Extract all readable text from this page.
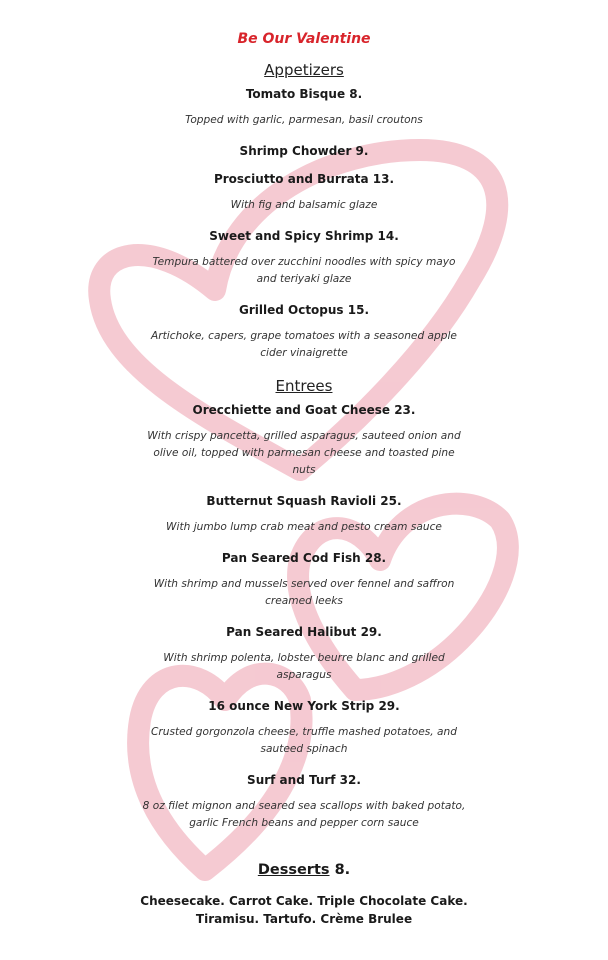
Be Our Valentine
Appetizers
Tomato Bisque 8.
Topped with garlic, parmesan, basil croutons
Shrimp Chowder 9.
Prosciutto and Burrata 13.
With fig and balsamic glaze
Sweet and Spicy Shrimp 14.
Tempura battered over zucchini noodles with spicy mayo and teriyaki glaze
Grilled Octopus 15.
Artichoke, capers, grape tomatoes with a seasoned apple cider vinaigrette
Entrees
Orecchiette and Goat Cheese 23.
With crispy pancetta, grilled asparagus, sauteed onion and olive oil, topped with parmesan cheese and toasted pine nuts
Butternut Squash Ravioli 25.
With jumbo lump crab meat and pesto cream sauce
Pan Seared Cod Fish 28.
With shrimp and mussels served over fennel and saffron creamed leeks
Pan Seared Halibut 29.
With shrimp polenta, lobster beurre blanc and grilled asparagus
16 ounce New York Strip 29.
Crusted gorgonzola cheese, truffle mashed potatoes, and sauteed spinach
Surf and Turf 32.
8 oz filet mignon and seared sea scallops with baked potato, garlic French beans and pepper corn sauce
Desserts 8.
Cheesecake. Carrot Cake. Triple Chocolate Cake.
Tiramisu. Tartufo. Crème Brulee
